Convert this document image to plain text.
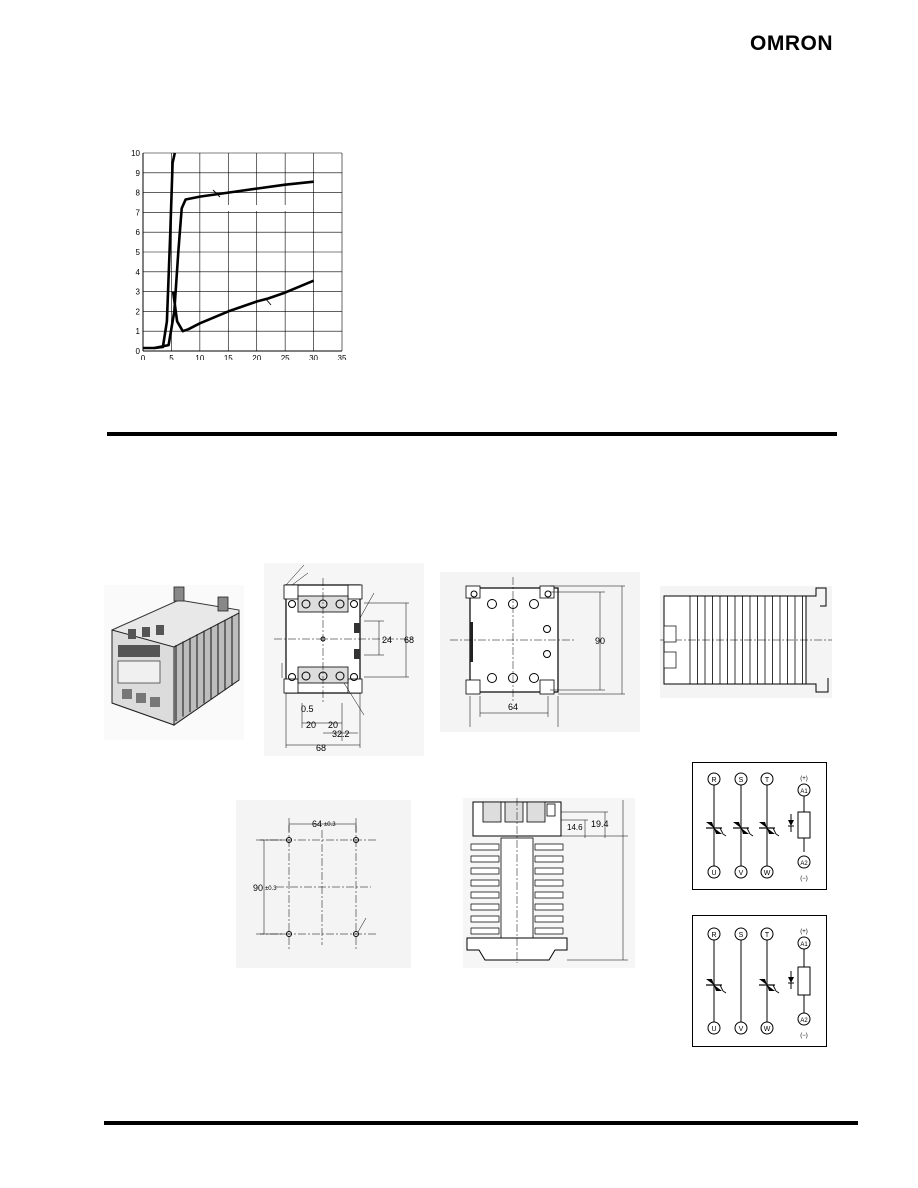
OMRON
0
1
2
3
4
5
6
7
8
9
10
0	5	10 15 20 25 30 35
0.5
20 20
32.2
68
24 68	90
64
64 ±0.3
90 ±0.3
14.6 19.4
R	S	T
U	V	W
A1
A2
(+)
(−)
R	S	T
U	V	W
A1
A2
(+)
(−)
